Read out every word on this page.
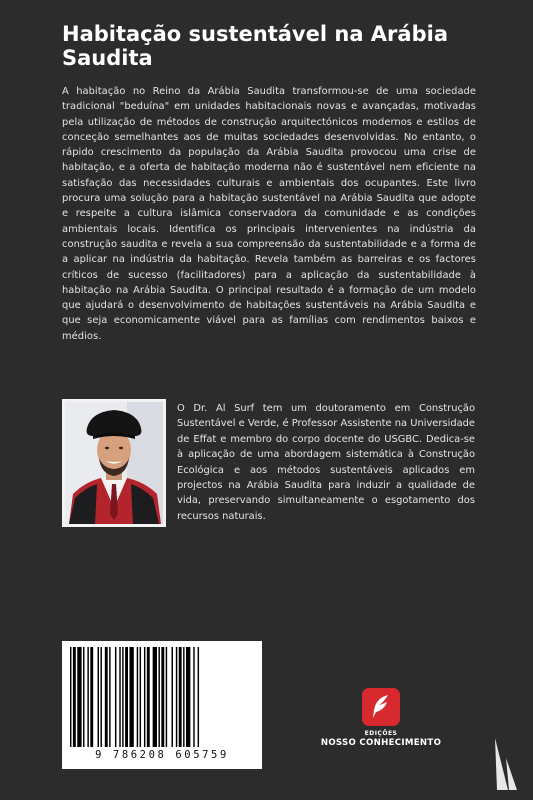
Habitação sustentável na Arábia Saudita

A habitação no Reino da Arábia Saudita transformou-se de uma sociedade tradicional "beduína" em unidades habitacionais novas e avançadas, motivadas pela utilização de métodos de construção arquitectónicos modernos e estilos de conceção semelhantes aos de muitas sociedades desenvolvidas. No entanto, o rápido crescimento da população da Arábia Saudita provocou uma crise de habitação, e a oferta de habitação moderna não é sustentável nem eficiente na satisfação das necessidades culturais e ambientais dos ocupantes. Este livro procura uma solução para a habitação sustentável na Arábia Saudita que adopte e respeite a cultura islâmica conservadora da comunidade e as condições ambientais locais. Identifica os principais intervenientes na indústria da construção saudita e revela a sua compreensão da sustentabilidade e a forma de a aplicar na indústria da habitação. Revela também as barreiras e os factores críticos de sucesso (facilitadores) para a aplicação da sustentabilidade à habitação na Arábia Saudita. O principal resultado é a formação de um modelo que ajudará o desenvolvimento de habitações sustentáveis na Arábia Saudita e que seja economicamente viável para as famílias com rendimentos baixos e médios.

O Dr. Al Surf tem um doutoramento em Construção Sustentável e Verde, é Professor Assistente na Universidade de Effat e membro do corpo docente do USGBC. Dedica-se à aplicação de uma abordagem sistemática à Construção Ecológica e aos métodos sustentáveis aplicados em projectos na Arábia Saudita para induzir a qualidade de vida, preservando simultaneamente o esgotamento dos recursos naturais.

9 786208 605759
EDIÇÕES
NOSSO CONHECIMENTO
